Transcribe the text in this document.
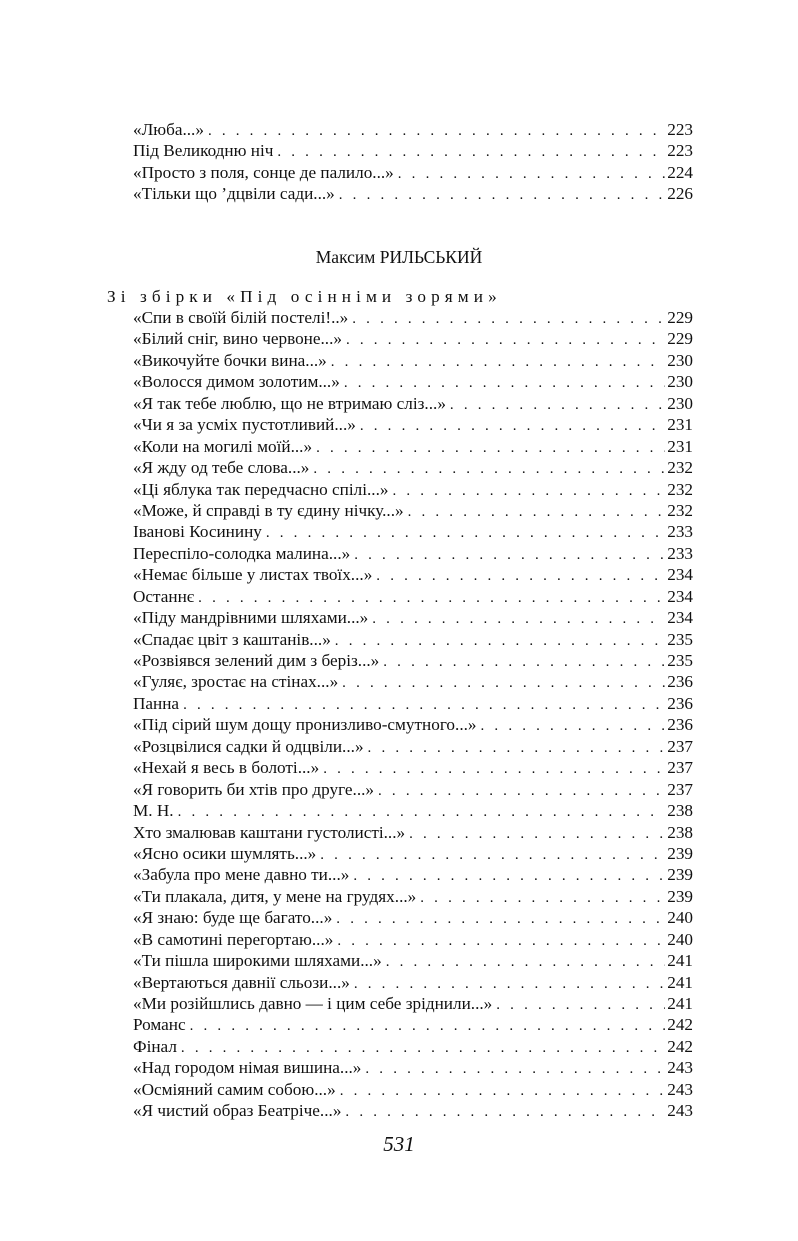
«Люба...» . . .	223
Під Великодню ніч . . .	223
«Просто з поля, сонце де палило...» . . .	224
«Тільки що ’дцвіли сади...» . . .	226
Максим РИЛЬСЬКИЙ
Зі збірки «Під осінніми зорями»
«Спи в своїй білій постелі!..» . . .	229
«Білий сніг, вино червоне...» . . .	229
«Викочуйте бочки вина...» . . .	230
«Волосся димом золотим...» . . .	230
«Я так тебе люблю, що не втримаю сліз...» . . .	230
«Чи я за усміх пустотливий...» . . .	231
«Коли на могилі моїй...» . . .	231
«Я жду од тебе слова...» . . .	232
«Ці яблука так передчасно спілі...» . . .	232
«Може, й справді в ту єдину нічку...» . . .	232
Іванові Косинину . . .	233
Переспіло-солодка малина...» . . .	233
«Немає більше у листах твоїх...» . . .	234
Останнє . . .	234
«Піду мандрівними шляхами...» . . .	234
«Спадає цвіт з каштанів...» . . .	235
«Розвіявся зелений дим з беріз...» . . .	235
«Гуляє, зростає на стінах...» . . .	236
Панна . . .	236
«Під сірий шум дощу пронизливо-смутного...» . . .	236
«Розцвілися садки й одцвіли...» . . .	237
«Нехай я весь в болоті...» . . .	237
«Я говорить би хтів про друге...» . . .	237
М. Н. . . .	238
Хто змалював каштани густолисті...» . . .	238
«Ясно осики шумлять...» . . .	239
«Забула про мене давно ти...» . . .	239
«Ти плакала, дитя, у мене на грудях...» . . .	239
«Я знаю: буде ще багато...» . . .	240
«В самотині перегортаю...» . . .	240
«Ти пішла широкими шляхами...» . . .	241
«Вертаються давнії сльози...» . . .	241
«Ми розійшлись давно — і цим себе зріднили...» . . .	241
Романс . . .	242
Фінал . . .	242
«Над городом німая вишина...» . . .	243
«Осміяний самим собою...» . . .	243
«Я чистий образ Беатріче...» . . .	243
531
